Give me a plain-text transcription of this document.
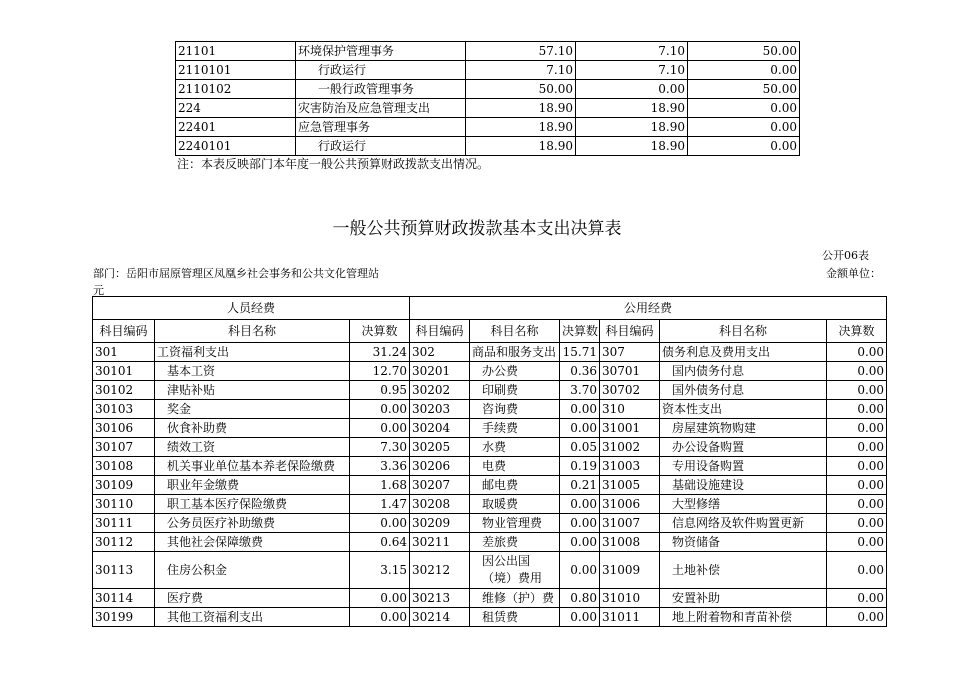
21101	环境保护管理事务	57.10	7.10	50.00
2110101	行政运行	7.10	7.10	0.00
2110102	一般行政管理事务	50.00	0.00	50.00
224	灾害防治及应急管理支出	18.90	18.90	0.00
22401	应急管理事务	18.90	18.90	0.00
2240101	行政运行	18.90	18.90	0.00
注：本表反映部门本年度一般公共预算财政拨款支出情况。
一般公共预算财政拨款基本支出决算表
公开06表
部门：岳阳市屈原管理区凤凰乡社会事务和公共文化管理站	金额单位：
元
人员经费			公用经费					
科目编码	科目名称	决算数	科目编码	科目名称	决算数	科目编码	科目名称	决算数
301	工资福利支出	31.24	302	商品和服务支出	15.71	307	债务利息及费用支出	0.00
30101	基本工资	12.70	30201	办公费	0.36	30701	国内债务付息	0.00
30102	津贴补贴	0.95	30202	印刷费	3.70	30702	国外债务付息	0.00
30103	奖金	0.00	30203	咨询费	0.00	310	资本性支出	0.00
30106	伙食补助费	0.00	30204	手续费	0.00	31001	房屋建筑物购建	0.00
30107	绩效工资	7.30	30205	水费	0.05	31002	办公设备购置	0.00
30108	机关事业单位基本养老保险缴费	3.36	30206	电费	0.19	31003	专用设备购置	0.00
30109	职业年金缴费	1.68	30207	邮电费	0.21	31005	基础设施建设	0.00
30110	职工基本医疗保险缴费	1.47	30208	取暖费	0.00	31006	大型修缮	0.00
30111	公务员医疗补助缴费	0.00	30209	物业管理费	0.00	31007	信息网络及软件购置更新	0.00
30112	其他社会保障缴费	0.64	30211	差旅费	0.00	31008	物资储备	0.00
30113	住房公积金	3.15	30212	因公出国（境）费用	0.00	31009	土地补偿	0.00
30114	医疗费	0.00	30213	维修（护）费	0.80	31010	安置补助	0.00
30199	其他工资福利支出	0.00	30214	租赁费	0.00	31011	地上附着物和青苗补偿	0.00
